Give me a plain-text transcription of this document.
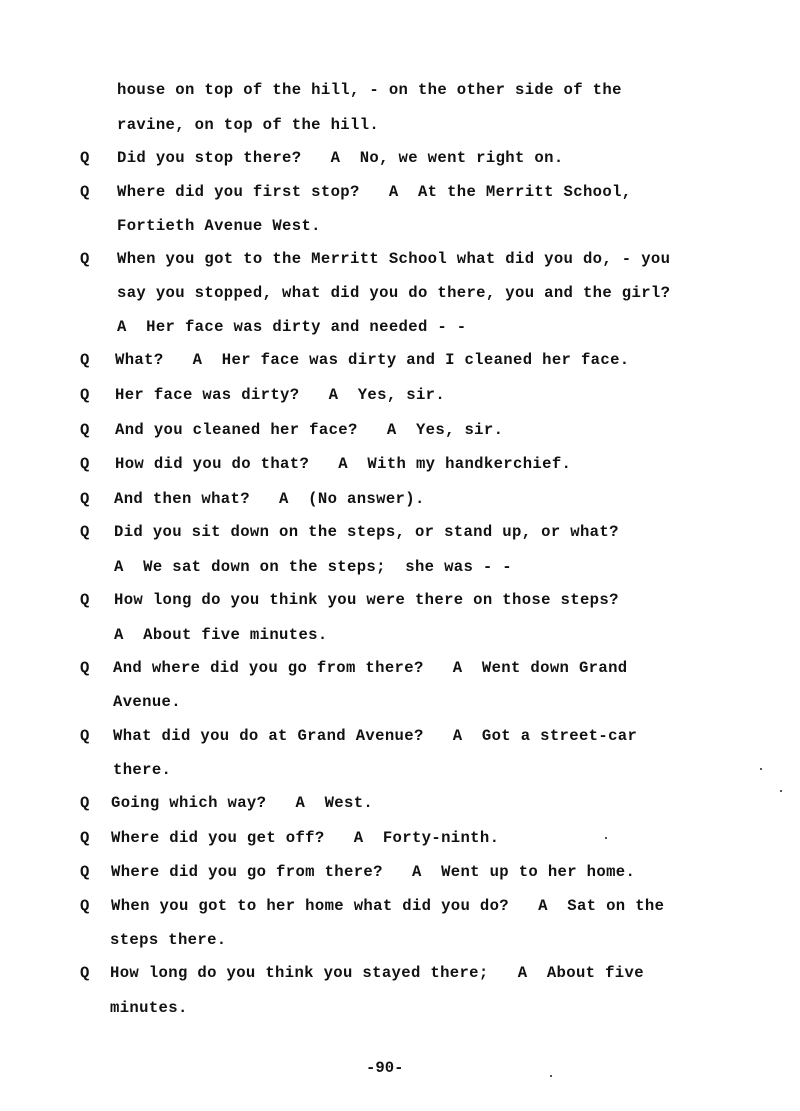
house on top of the hill, - on the other side of the
ravine, on top of the hill.
Q Did you stop there?   A  No, we went right on.
Q Where did you first stop?   A  At the Merritt School,
Fortieth Avenue West.
Q When you got to the Merritt School what did you do, - you
say you stopped, what did you do there, you and the girl?
A  Her face was dirty and needed - -
Q What?   A  Her face was dirty and I cleaned her face.
Q Her face was dirty?   A  Yes, sir.
Q And you cleaned her face?   A  Yes, sir.
Q How did you do that?   A  With my handkerchief.
Q And then what?   A  (No answer).
Q Did you sit down on the steps, or stand up, or what?
A  We sat down on the steps;  she was - -
Q How long do you think you were there on those steps?
A  About five minutes.
Q And where did you go from there?   A  Went down Grand
Avenue.
Q What did you do at Grand Avenue?   A  Got a street-car
there.
Q Going which way?   A  West.
Q Where did you get off?   A  Forty-ninth.
Q Where did you go from there?   A  Went up to her home.
Q When you got to her home what did you do?   A  Sat on the
steps there.
Q How long do you think you stayed there;   A  About five
minutes.
-90-
